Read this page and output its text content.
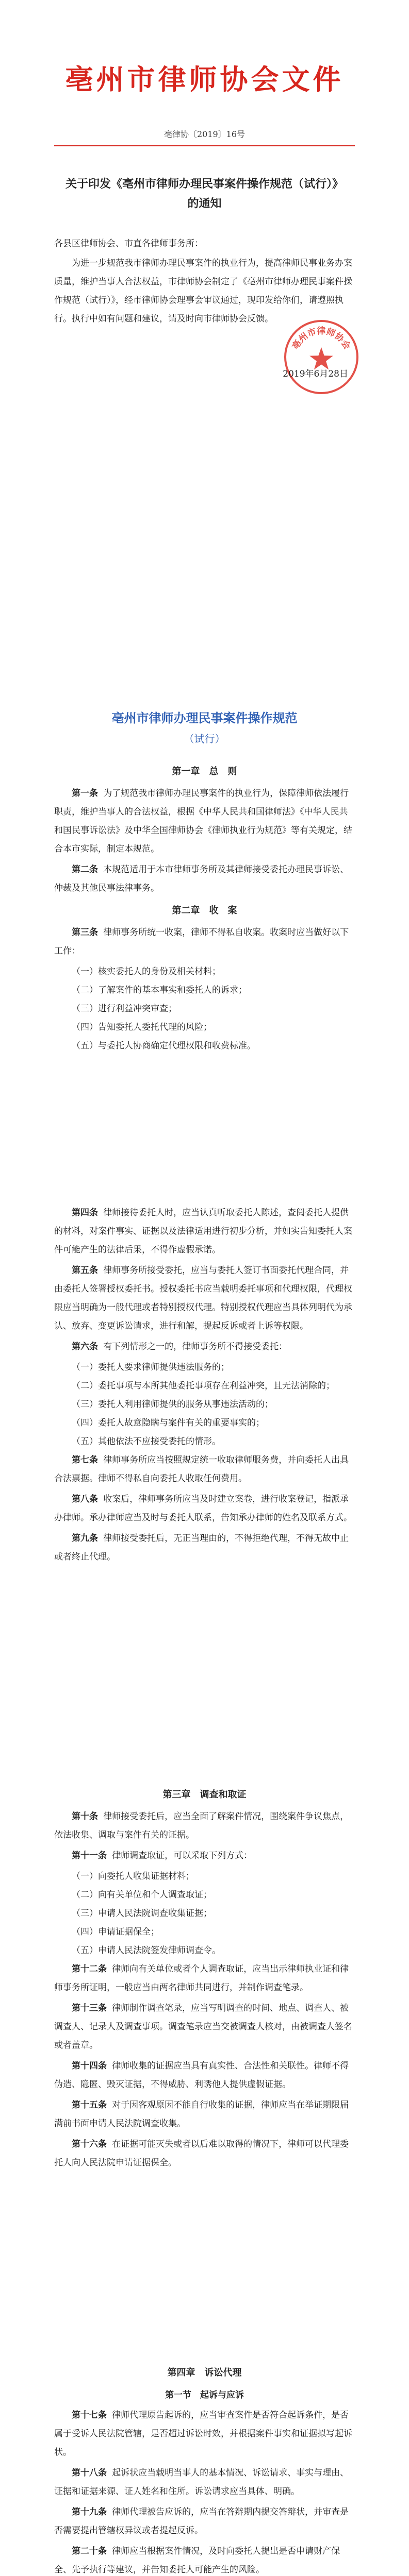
亳州市律师协会文件
亳律协〔2019〕16号
关于印发《亳州市律师办理民事案件操作规范（试行）》的通知
各县区律师协会、市直各律师事务所：

为进一步规范我市律师办理民事案件的执业行为，提高律师民事业务办案质量，维护当事人合法权益，市律师协会制定了《亳州市律师办理民事案件操作规范（试行）》，经市律师协会理事会审议通过，现印发给你们，请遵照执行。执行中如有问题和建议，请及时向市律师协会反馈。

亳州市律师协会
2019年6月28日
亳州市律师办理民事案件操作规范
（试行）
第一章　总　则

第一条 为了规范我市律师办理民事案件的执业行为，保障律师依法履行职责，维护当事人的合法权益，根据《中华人民共和国律师法》《中华人民共和国民事诉讼法》及中华全国律师协会《律师执业行为规范》等有关规定，结合本市实际，制定本规范。

第二条 本规范适用于本市律师事务所及其律师接受委托办理民事诉讼、仲裁及其他民事法律事务。

第二章　收　案

第三条 律师事务所统一收案，律师不得私自收案。收案时应当做好以下工作：

（一）核实委托人的身份及相关材料；

（二）了解案件的基本事实和委托人的诉求；

（三）进行利益冲突审查；

（四）告知委托人委托代理的风险；

（五）与委托人协商确定代理权限和收费标准。

第四条 律师接待委托人时，应当认真听取委托人陈述，查阅委托人提供的材料，对案件事实、证据以及法律适用进行初步分析，并如实告知委托人案件可能产生的法律后果，不得作虚假承诺。

第五条 律师事务所接受委托，应当与委托人签订书面委托代理合同，并由委托人签署授权委托书。授权委托书应当载明委托事项和代理权限，代理权限应当明确为一般代理或者特别授权代理。特别授权代理应当具体列明代为承认、放弃、变更诉讼请求，进行和解，提起反诉或者上诉等权限。

第六条 有下列情形之一的，律师事务所不得接受委托：

（一）委托人要求律师提供违法服务的；

（二）委托事项与本所其他委托事项存在利益冲突，且无法消除的；

（三）委托人利用律师提供的服务从事违法活动的；

（四）委托人故意隐瞒与案件有关的重要事实的；

（五）其他依法不应接受委托的情形。

第七条 律师事务所应当按照规定统一收取律师服务费，并向委托人出具合法票据。律师不得私自向委托人收取任何费用。

第八条 收案后，律师事务所应当及时建立案卷，进行收案登记，指派承办律师。承办律师应当及时与委托人联系，告知承办律师的姓名及联系方式。

第九条 律师接受委托后，无正当理由的，不得拒绝代理，不得无故中止或者终止代理。

第三章　调查和取证

第十条 律师接受委托后，应当全面了解案件情况，围绕案件争议焦点，依法收集、调取与案件有关的证据。

第十一条 律师调查取证，可以采取下列方式：

（一）向委托人收集证据材料；

（二）向有关单位和个人调查取证；

（三）申请人民法院调查收集证据；

（四）申请证据保全；

（五）申请人民法院签发律师调查令。

第十二条 律师向有关单位或者个人调查取证，应当出示律师执业证和律师事务所证明，一般应当由两名律师共同进行，并制作调查笔录。

第十三条 律师制作调查笔录，应当写明调查的时间、地点、调查人、被调查人、记录人及调查事项。调查笔录应当交被调查人核对，由被调查人签名或者盖章。

第十四条 律师收集的证据应当具有真实性、合法性和关联性。律师不得伪造、隐匿、毁灭证据，不得威胁、利诱他人提供虚假证据。

第十五条 对于因客观原因不能自行收集的证据，律师应当在举证期限届满前书面申请人民法院调查收集。

第十六条 在证据可能灭失或者以后难以取得的情况下，律师可以代理委托人向人民法院申请证据保全。

第四章　诉讼代理
第一节　起诉与应诉

第十七条 律师代理原告起诉的，应当审查案件是否符合起诉条件，是否属于受诉人民法院管辖，是否超过诉讼时效，并根据案件事实和证据拟写起诉状。

第十八条 起诉状应当载明当事人的基本情况、诉讼请求、事实与理由、证据和证据来源、证人姓名和住所。诉讼请求应当具体、明确。

第十九条 律师代理被告应诉的，应当在答辩期内提交答辩状，并审查是否需要提出管辖权异议或者提起反诉。

第二十条 律师应当根据案件情况，及时向委托人提出是否申请财产保全、先予执行等建议，并告知委托人可能产生的风险。
